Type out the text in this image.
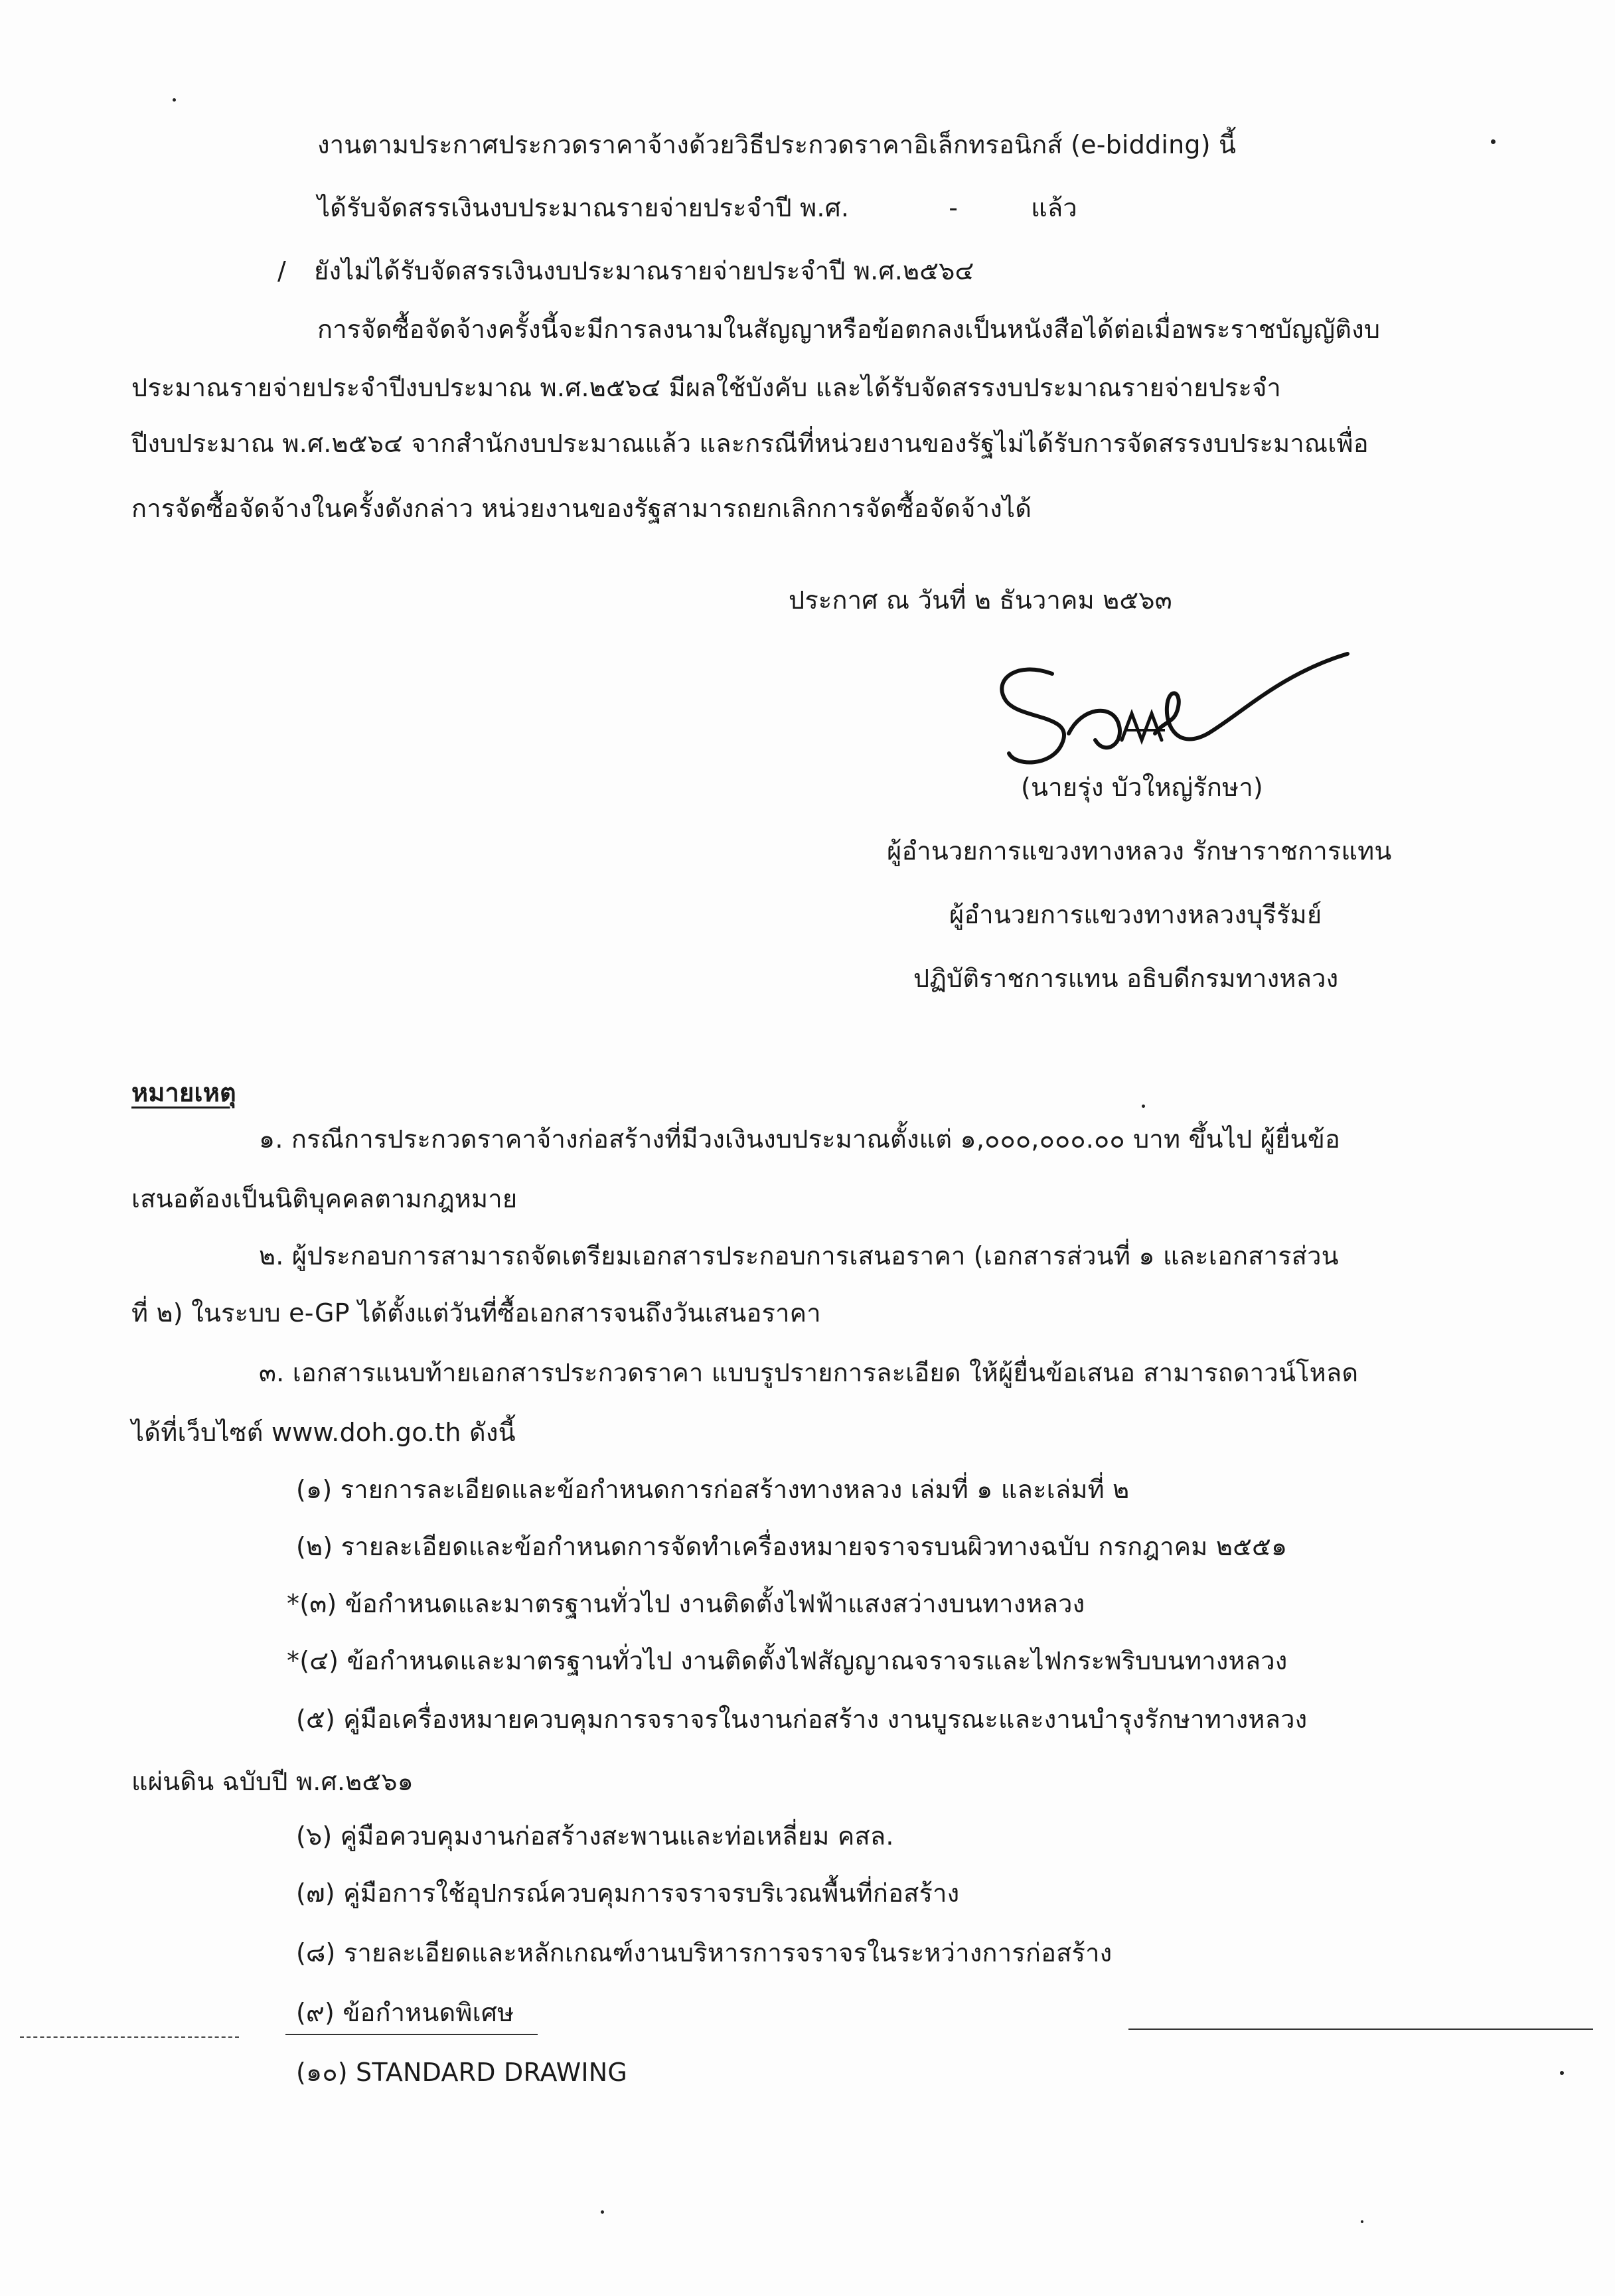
งานตามประกาศประกวดราคาจ้างด้วยวิธีประกวดราคาอิเล็กทรอนิกส์ (e-bidding) นี้
ได้รับจัดสรรเงินงบประมาณรายจ่ายประจำปี พ.ศ.	-	แล้ว
/ ยังไม่ได้รับจัดสรรเงินงบประมาณรายจ่ายประจำปี พ.ศ.๒๕๖๔
การจัดซื้อจัดจ้างครั้งนี้จะมีการลงนามในสัญญาหรือข้อตกลงเป็นหนังสือได้ต่อเมื่อพระราชบัญญัติงบ
ประมาณรายจ่ายประจำปีงบประมาณ พ.ศ.๒๕๖๔ มีผลใช้บังคับ และได้รับจัดสรรงบประมาณรายจ่ายประจำ
ปีงบประมาณ พ.ศ.๒๕๖๔ จากสำนักงบประมาณแล้ว และกรณีที่หน่วยงานของรัฐไม่ได้รับการจัดสรรงบประมาณเพื่อ
การจัดซื้อจัดจ้างในครั้งดังกล่าว หน่วยงานของรัฐสามารถยกเลิกการจัดซื้อจัดจ้างได้
ประกาศ ณ วันที่ ๒ ธันวาคม ๒๕๖๓
(นายรุ่ง บัวใหญ่รักษา)
ผู้อำนวยการแขวงทางหลวง รักษาราชการแทน
ผู้อำนวยการแขวงทางหลวงบุรีรัมย์
ปฏิบัติราชการแทน อธิบดีกรมทางหลวง
หมายเหตุ
๑. กรณีการประกวดราคาจ้างก่อสร้างที่มีวงเงินงบประมาณตั้งแต่ ๑,๐๐๐,๐๐๐.๐๐ บาท ขึ้นไป ผู้ยื่นข้อ
เสนอต้องเป็นนิติบุคคลตามกฎหมาย
๒. ผู้ประกอบการสามารถจัดเตรียมเอกสารประกอบการเสนอราคา (เอกสารส่วนที่ ๑ และเอกสารส่วน
ที่ ๒) ในระบบ e-GP ได้ตั้งแต่วันที่ซื้อเอกสารจนถึงวันเสนอราคา
๓. เอกสารแนบท้ายเอกสารประกวดราคา แบบรูปรายการละเอียด ให้ผู้ยื่นข้อเสนอ สามารถดาวน์โหลด
ได้ที่เว็บไซต์ www.doh.go.th ดังนี้
(๑) รายการละเอียดและข้อกำหนดการก่อสร้างทางหลวง เล่มที่ ๑ และเล่มที่ ๒
(๒) รายละเอียดและข้อกำหนดการจัดทำเครื่องหมายจราจรบนผิวทางฉบับ กรกฎาคม ๒๕๕๑
*(๓) ข้อกำหนดและมาตรฐานทั่วไป งานติดตั้งไฟฟ้าแสงสว่างบนทางหลวง
*(๔) ข้อกำหนดและมาตรฐานทั่วไป งานติดตั้งไฟสัญญาณจราจรและไฟกระพริบบนทางหลวง
(๕) คู่มือเครื่องหมายควบคุมการจราจรในงานก่อสร้าง งานบูรณะและงานบำรุงรักษาทางหลวง
แผ่นดิน ฉบับปี พ.ศ.๒๕๖๑
(๖) คู่มือควบคุมงานก่อสร้างสะพานและท่อเหลี่ยม คสล.
(๗) คู่มือการใช้อุปกรณ์ควบคุมการจราจรบริเวณพื้นที่ก่อสร้าง
(๘) รายละเอียดและหลักเกณฑ์งานบริหารการจราจรในระหว่างการก่อสร้าง
(๙) ข้อกำหนดพิเศษ
(๑๐) STANDARD DRAWING
